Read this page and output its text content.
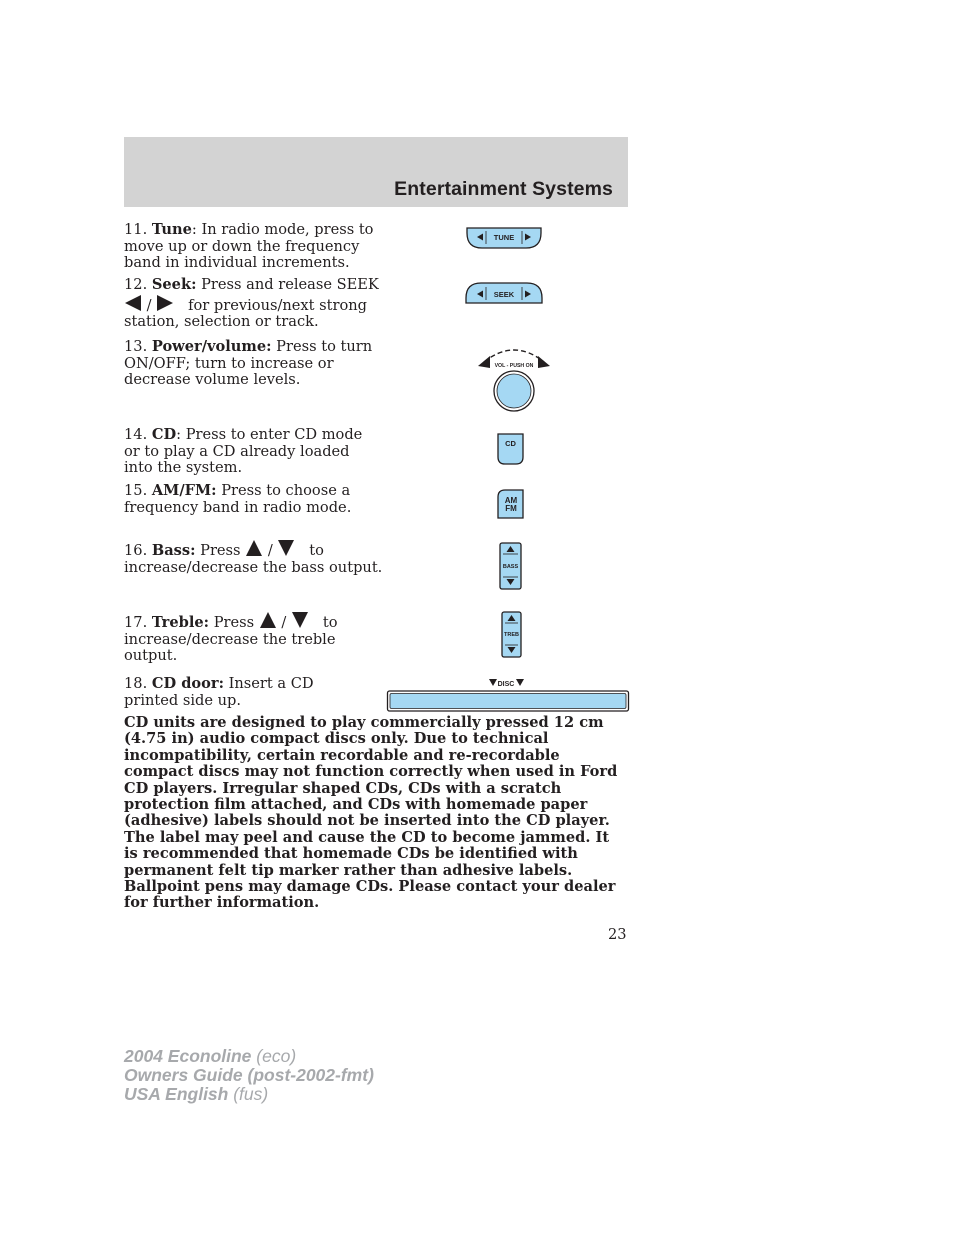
Entertainment Systems
11. Tune: In radio mode, press to move up or down the frequency band in individual increments.
12. Seek: Press and release SEEK  /    for previous/next strong station, selection or track.
13. Power/volume: Press to turn ON/OFF; turn to increase or decrease volume levels.
14. CD: Press to enter CD mode or to play a CD already loaded into the system.
15. AM/FM: Press to choose a frequency band in radio mode.
16. Bass: Press  /    to increase/decrease the bass output.
17. Treble: Press  /    to increase/decrease the treble output.
18. CD door: Insert a CD printed side up.
TUNE
SEEK
VOL - PUSH ON
CD
AM
FM
BASS
TREB
DISC
CD units are designed to play commercially pressed 12 cm (4.75 in) audio compact discs only. Due to technical incompatibility, certain recordable and re-recordable compact discs may not function correctly when used in Ford CD players. Irregular shaped CDs, CDs with a scratch protection film attached, and CDs with homemade paper (adhesive) labels should not be inserted into the CD player. The label may peel and cause the CD to become jammed. It is recommended that homemade CDs be identified with permanent felt tip marker rather than adhesive labels. Ballpoint pens may damage CDs. Please contact your dealer for further information.
23
2004 Econoline (eco)
Owners Guide (post-2002-fmt)
USA English (fus)
